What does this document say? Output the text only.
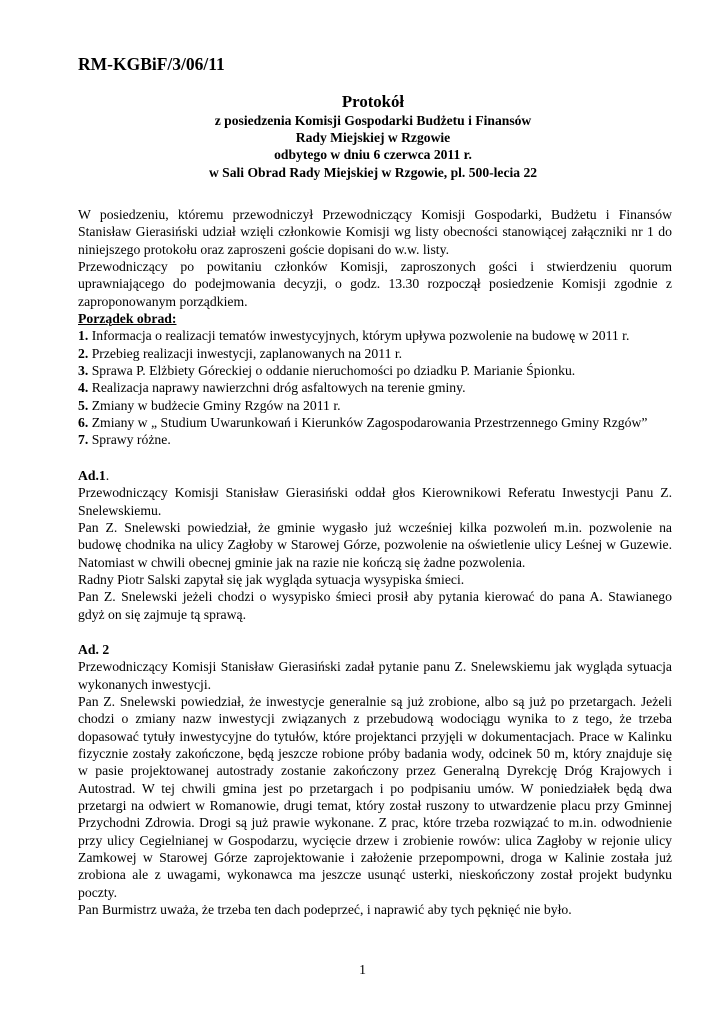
RM-KGBiF/3/06/11
Protokół
z posiedzenia Komisji Gospodarki Budżetu i Finansów
Rady Miejskiej w Rzgowie
odbytego w dniu 6 czerwca 2011 r.
w Sali Obrad Rady Miejskiej w Rzgowie, pl. 500-lecia 22

W posiedzeniu, któremu przewodniczył Przewodniczący Komisji Gospodarki, Budżetu i Finansów Stanisław Gierasiński udział wzięli członkowie Komisji wg listy obecności stanowiącej załączniki nr 1 do niniejszego protokołu oraz zaproszeni goście dopisani do w.w. listy.

Przewodniczący po powitaniu członków Komisji, zaproszonych gości i stwierdzeniu quorum uprawniającego do podejmowania decyzji, o godz. 13.30 rozpoczął posiedzenie Komisji zgodnie z zaproponowanym porządkiem.

Porządek obrad:

1. Informacja o realizacji tematów inwestycyjnych, którym upływa pozwolenie na budowę w 2011 r.

2. Przebieg realizacji inwestycji, zaplanowanych na 2011 r.

3. Sprawa P. Elżbiety Góreckiej o oddanie nieruchomości po dziadku P. Marianie Śpionku.

4. Realizacja naprawy nawierzchni dróg asfaltowych na terenie gminy.

5. Zmiany w budżecie Gminy Rzgów na 2011 r.

6. Zmiany w „ Studium Uwarunkowań i Kierunków Zagospodarowania Przestrzennego Gminy Rzgów”

7. Sprawy różne.

Ad.1.

Przewodniczący Komisji Stanisław Gierasiński oddał głos Kierownikowi Referatu Inwestycji Panu Z. Snelewskiemu.

Pan Z. Snelewski powiedział, że gminie wygasło już wcześniej kilka pozwoleń m.in. pozwolenie na budowę chodnika na ulicy Zagłoby w Starowej Górze, pozwolenie na oświetlenie ulicy Leśnej w Guzewie. Natomiast w chwili obecnej gminie jak na razie nie kończą się żadne pozwolenia.

Radny Piotr Salski zapytał się jak wygląda sytuacja wysypiska śmieci.

Pan Z. Snelewski jeżeli chodzi o wysypisko śmieci prosił aby pytania kierować do pana A. Stawianego gdyż on się zajmuje tą sprawą.

Ad. 2

Przewodniczący Komisji Stanisław Gierasiński zadał pytanie panu Z. Snelewskiemu jak wygląda sytuacja wykonanych inwestycji.

Pan Z. Snelewski powiedział, że inwestycje generalnie są już zrobione, albo są już po przetargach. Jeżeli chodzi o zmiany nazw inwestycji związanych z przebudową wodociągu wynika to z tego, że trzeba dopasować tytuły inwestycyjne do tytułów, które projektanci przyjęli w dokumentacjach. Prace w Kalinku fizycznie zostały zakończone, będą jeszcze robione próby badania wody, odcinek 50 m, który znajduje się w pasie projektowanej autostrady zostanie zakończony przez Generalną Dyrekcję Dróg Krajowych i Autostrad. W tej chwili gmina jest po przetargach i po podpisaniu umów. W poniedziałek będą dwa przetargi na odwiert w Romanowie, drugi temat, który został ruszony to utwardzenie placu przy Gminnej Przychodni Zdrowia. Drogi są już prawie wykonane. Z prac, które trzeba rozwiązać to m.in. odwodnienie przy ulicy Cegielnianej w Gospodarzu, wycięcie drzew i zrobienie rowów: ulica Zagłoby w rejonie ulicy Zamkowej w Starowej Górze zaprojektowanie i założenie przepompowni, droga w Kalinie została już zrobiona ale z uwagami, wykonawca ma jeszcze usunąć usterki, nieskończony został projekt budynku poczty.

Pan Burmistrz uważa, że trzeba ten dach podeprzeć, i naprawić aby tych pęknięć nie było.

1
